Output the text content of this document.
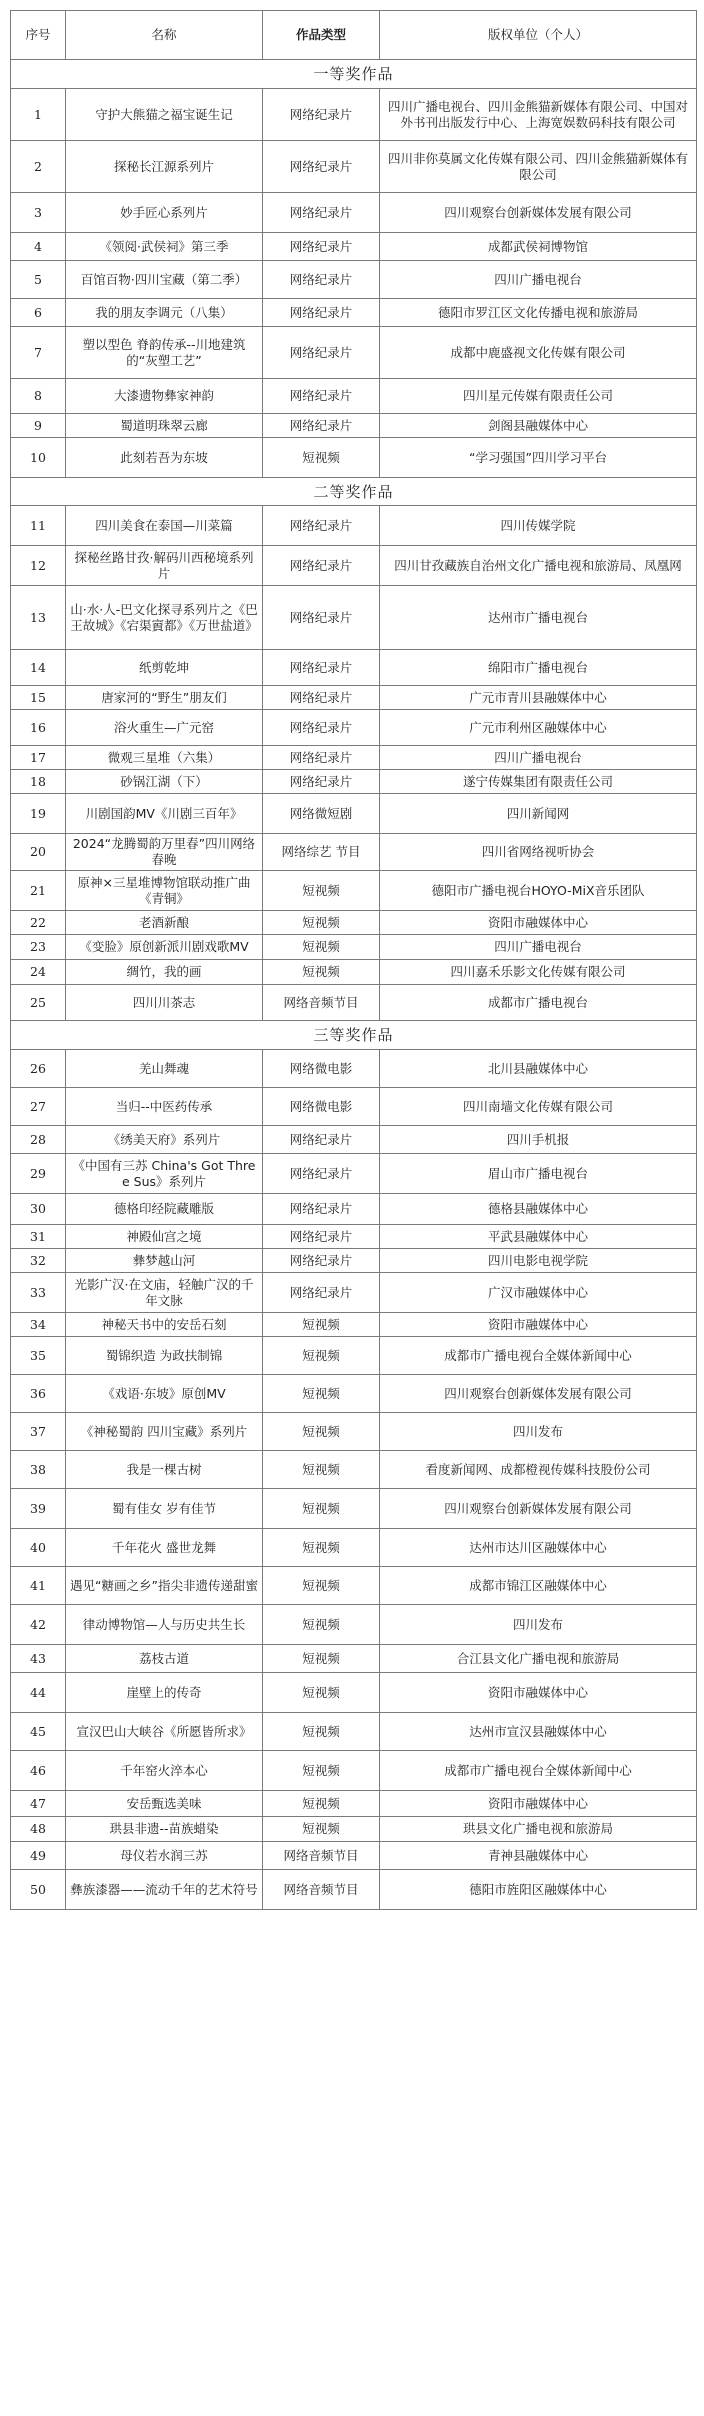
序号	名称	作品类型	版权单位（个人）
一等奖作品			
1	守护大熊猫之福宝诞生记	网络纪录片	四川广播电视台、四川金熊猫新媒体有限公司、中国对外书刊出版发行中心、上海宽娱数码科技有限公司
2	探秘长江源系列片	网络纪录片	四川非你莫属文化传媒有限公司、四川金熊猫新媒体有限公司
3	妙手匠心系列片	网络纪录片	四川观察台创新媒体发展有限公司
4	《领阅·武侯祠》第三季	网络纪录片	成都武侯祠博物馆
5	百馆百物·四川宝藏（第二季）	网络纪录片	四川广播电视台
6	我的朋友李调元（八集）	网络纪录片	德阳市罗江区文化传播电视和旅游局
7	塑以型色 脊韵传承--川地建筑的“灰塑工艺”	网络纪录片	成都中鹿盛视文化传媒有限公司
8	大漆遗物彝家神韵	网络纪录片	四川星元传媒有限责任公司
9	蜀道明珠翠云廊	网络纪录片	剑阁县融媒体中心
10	此刻若吾为东坡	短视频	“学习强国”四川学习平台
二等奖作品			
11	四川美食在泰国—川菜篇	网络纪录片	四川传媒学院
12	探秘丝路甘孜·解码川西秘境系列片	网络纪录片	四川甘孜藏族自治州文化广播电视和旅游局、凤凰网
13	山·水·人-巴文化探寻系列片之《巴王故城》《宕渠賨都》《万世盐道》	网络纪录片	达州市广播电视台
14	纸剪乾坤	网络纪录片	绵阳市广播电视台
15	唐家河的“野生”朋友们	网络纪录片	广元市青川县融媒体中心
16	浴火重生—广元窑	网络纪录片	广元市利州区融媒体中心
17	微观三星堆（六集）	网络纪录片	四川广播电视台
18	砂锅江湖（下）	网络纪录片	遂宁传媒集团有限责任公司
19	川剧国韵MV《川剧三百年》	网络微短剧	四川新闻网
20	2024“龙腾蜀韵万里春”四川网络春晚	网络综艺 节目	四川省网络视听协会
21	原神×三星堆博物馆联动推广曲 《青铜》	短视频	德阳市广播电视台HOYO-MiX音乐团队
22	老酒新酿	短视频	资阳市融媒体中心
23	《变脸》原创新派川剧戏歌MV	短视频	四川广播电视台
24	绸竹，我的画	短视频	四川嘉禾乐影文化传媒有限公司
25	四川川茶志	网络音频节目	成都市广播电视台
三等奖作品			
26	羌山舞魂	网络微电影	北川县融媒体中心
27	当归--中医药传承	网络微电影	四川南墙文化传媒有限公司
28	《绣美天府》系列片	网络纪录片	四川手机报
29	《中国有三苏 China's Got Three Sus》系列片	网络纪录片	眉山市广播电视台
30	德格印经院藏雕版	网络纪录片	德格县融媒体中心
31	神殿仙宫之境	网络纪录片	平武县融媒体中心
32	彝梦越山河	网络纪录片	四川电影电视学院
33	光影广汉·在文庙，轻触广汉的千年文脉	网络纪录片	广汉市融媒体中心
34	神秘天书中的安岳石刻	短视频	资阳市融媒体中心
35	蜀锦织造 为政扶制锦	短视频	成都市广播电视台全媒体新闻中心
36	《戏语·东坡》原创MV	短视频	四川观察台创新媒体发展有限公司
37	《神秘蜀韵 四川宝藏》系列片	短视频	四川发布
38	我是一棵古树	短视频	看度新闻网、成都橙视传媒科技股份公司
39	蜀有佳女 岁有佳节	短视频	四川观察台创新媒体发展有限公司
40	千年花火 盛世龙舞	短视频	达州市达川区融媒体中心
41	遇见“糖画之乡”指尖非遗传递甜蜜	短视频	成都市锦江区融媒体中心
42	律动博物馆—人与历史共生长	短视频	四川发布
43	荔枝古道	短视频	合江县文化广播电视和旅游局
44	崖壁上的传奇	短视频	资阳市融媒体中心
45	宣汉巴山大峡谷《所愿皆所求》	短视频	达州市宣汉县融媒体中心
46	千年窑火淬本心	短视频	成都市广播电视台全媒体新闻中心
47	安岳甄选美味	短视频	资阳市融媒体中心
48	珙县非遗--苗族蜡染	短视频	珙县文化广播电视和旅游局
49	母仪若水润三苏	网络音频节目	青神县融媒体中心
50	彝族漆器——流动千年的艺术符号	网络音频节目	德阳市旌阳区融媒体中心
